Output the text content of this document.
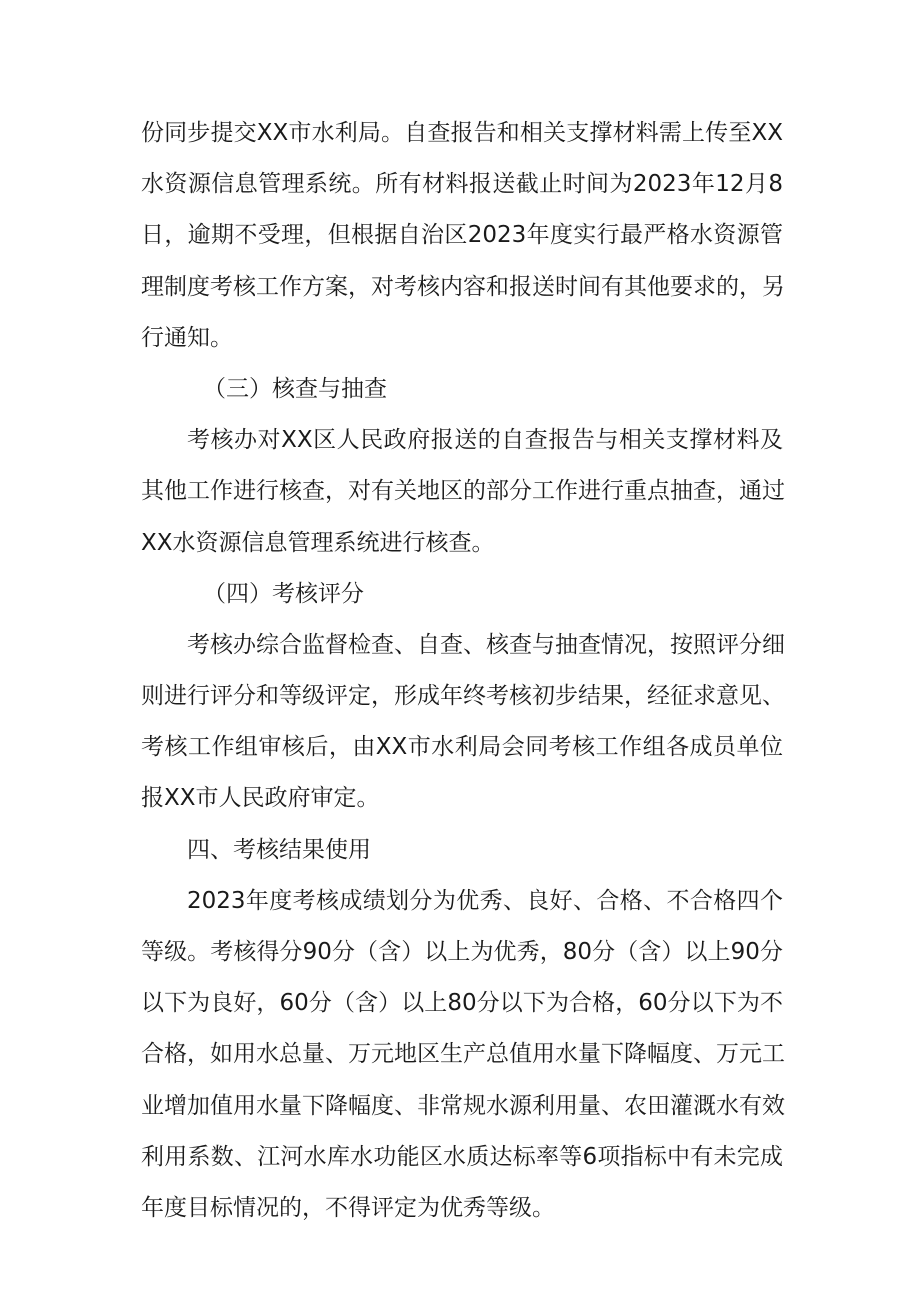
份同步提交XX市水利局。自查报告和相关支撑材料需上传至XX
水资源信息管理系统。所有材料报送截止时间为2023年12月8
日，逾期不受理，但根据自治区2023年度实行最严格水资源管
理制度考核工作方案，对考核内容和报送时间有其他要求的，另
行通知。
（三）核查与抽查
考核办对XX区人民政府报送的自查报告与相关支撑材料及
其他工作进行核查，对有关地区的部分工作进行重点抽查，通过
XX水资源信息管理系统进行核查。
（四）考核评分
考核办综合监督检查、自查、核查与抽查情况，按照评分细
则进行评分和等级评定，形成年终考核初步结果，经征求意见、
考核工作组审核后，由XX市水利局会同考核工作组各成员单位
报XX市人民政府审定。
四、考核结果使用
2023年度考核成绩划分为优秀、良好、合格、不合格四个
等级。考核得分90分（含）以上为优秀，80分（含）以上90分
以下为良好，60分（含）以上80分以下为合格，60分以下为不
合格，如用水总量、万元地区生产总值用水量下降幅度、万元工
业增加值用水量下降幅度、非常规水源利用量、农田灌溉水有效
利用系数、江河水库水功能区水质达标率等6项指标中有未完成
年度目标情况的，不得评定为优秀等级。
